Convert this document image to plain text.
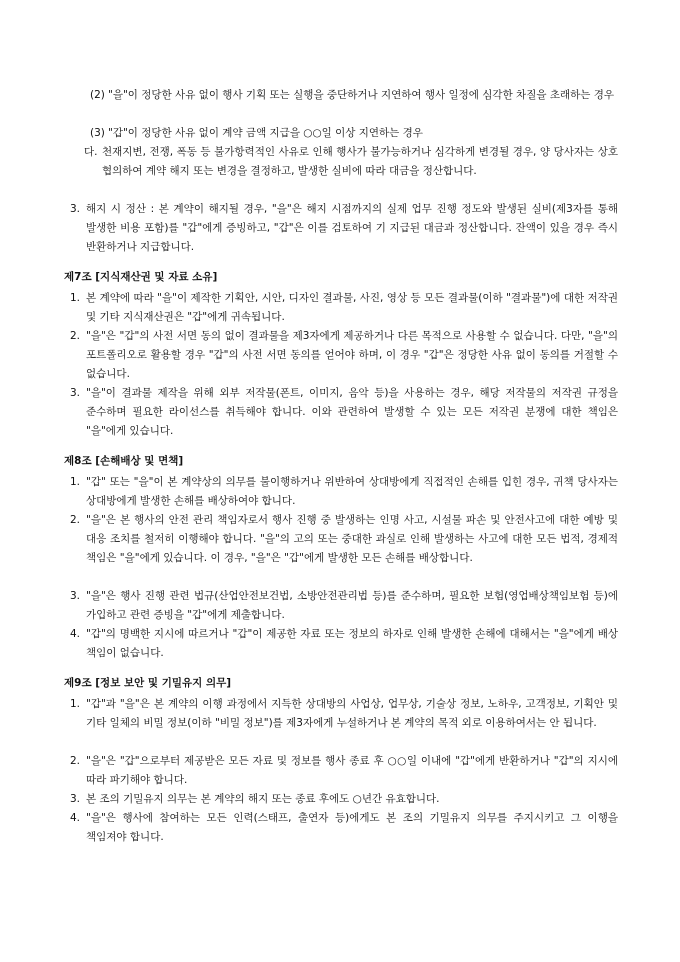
(2) "을"이 정당한 사유 없이 행사 기획 또는 실행을 중단하거나 지연하여 행사 일정에 심각한 차질을 초래하는 경우
(3) "갑"이 정당한 사유 없이 계약 금액 지급을 ○○일 이상 지연하는 경우
다. 천재지변, 전쟁, 폭동 등 불가항력적인 사유로 인해 행사가 불가능하거나 심각하게 변경될 경우, 양 당사자는 상호 협의하여 계약 해지 또는 변경을 결정하고, 발생한 실비에 따라 대금을 정산합니다.
3. 해지 시 정산 : 본 계약이 해지될 경우, "을"은 해지 시점까지의 실제 업무 진행 정도와 발생된 실비(제3자를 통해 발생한 비용 포함)를 "갑"에게 증빙하고, "갑"은 이를 검토하여 기 지급된 대금과 정산합니다. 잔액이 있을 경우 즉시 반환하거나 지급합니다.
제7조 [지식재산권 및 자료 소유]
1. 본 계약에 따라 "을"이 제작한 기획안, 시안, 디자인 결과물, 사진, 영상 등 모든 결과물(이하 "결과물")에 대한 저작권 및 기타 지식재산권은 "갑"에게 귀속됩니다.
2. "을"은 "갑"의 사전 서면 동의 없이 결과물을 제3자에게 제공하거나 다른 목적으로 사용할 수 없습니다. 다만, "을"의 포트폴리오로 활용할 경우 "갑"의 사전 서면 동의를 얻어야 하며, 이 경우 "갑"은 정당한 사유 없이 동의를 거절할 수 없습니다.
3. "을"이 결과물 제작을 위해 외부 저작물(폰트, 이미지, 음악 등)을 사용하는 경우, 해당 저작물의 저작권 규정을 준수하며 필요한 라이선스를 취득해야 합니다. 이와 관련하여 발생할 수 있는 모든 저작권 분쟁에 대한 책임은 "을"에게 있습니다.
제8조 [손해배상 및 면책]
1. "갑" 또는 "을"이 본 계약상의 의무를 불이행하거나 위반하여 상대방에게 직접적인 손해를 입힌 경우, 귀책 당사자는 상대방에게 발생한 손해를 배상하여야 합니다.
2. "을"은 본 행사의 안전 관리 책임자로서 행사 진행 중 발생하는 인명 사고, 시설물 파손 및 안전사고에 대한 예방 및 대응 조치를 철저히 이행해야 합니다. "을"의 고의 또는 중대한 과실로 인해 발생하는 사고에 대한 모든 법적, 경제적 책임은 "을"에게 있습니다. 이 경우, "을"은 "갑"에게 발생한 모든 손해를 배상합니다.
3. "을"은 행사 진행 관련 법규(산업안전보건법, 소방안전관리법 등)를 준수하며, 필요한 보험(영업배상책임보험 등)에 가입하고 관련 증빙을 "갑"에게 제출합니다.
4. "갑"의 명백한 지시에 따르거나 "갑"이 제공한 자료 또는 정보의 하자로 인해 발생한 손해에 대해서는 "을"에게 배상 책임이 없습니다.
제9조 [정보 보안 및 기밀유지 의무]
1. "갑"과 "을"은 본 계약의 이행 과정에서 지득한 상대방의 사업상, 업무상, 기술상 정보, 노하우, 고객정보, 기획안 및 기타 일체의 비밀 정보(이하 "비밀 정보")를 제3자에게 누설하거나 본 계약의 목적 외로 이용하여서는 안 됩니다.
2. "을"은 "갑"으로부터 제공받은 모든 자료 및 정보를 행사 종료 후 ○○일 이내에 "갑"에게 반환하거나 "갑"의 지시에 따라 파기해야 합니다.
3. 본 조의 기밀유지 의무는 본 계약의 해지 또는 종료 후에도 ○년간 유효합니다.
4. "을"은 행사에 참여하는 모든 인력(스태프, 출연자 등)에게도 본 조의 기밀유지 의무를 주지시키고 그 이행을 책임져야 합니다.
